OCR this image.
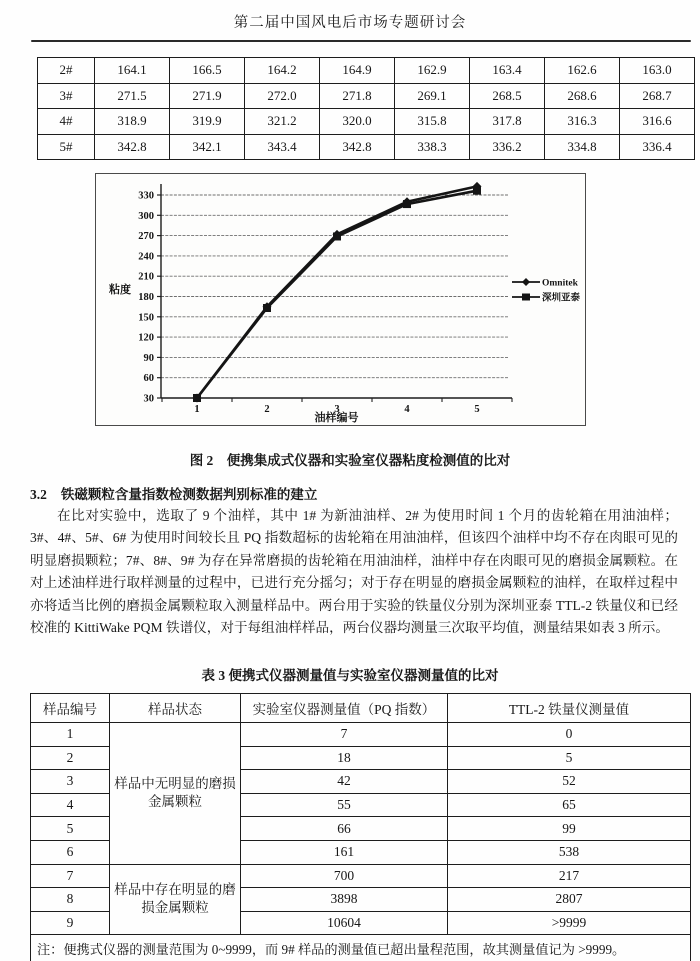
第二届中国风电后市场专题研讨会
2#	164.1	166.5	164.2	164.9	162.9	163.4	162.6	163.0
3#	271.5	271.9	272.0	271.8	269.1	268.5	268.6	268.7
4#	318.9	319.9	321.2	320.0	315.8	317.8	316.3	316.6
5#	342.8	342.1	343.4	342.8	338.3	336.2	334.8	336.4
30
60
90
120
150
180
210
240
270
300
330
1	2	3	4	5
Omnitek
深圳亚泰
粘度
油样编号
图 2　便携集成式仪器和实验室仪器粘度检测值的比对
3.2 铁磁颗粒含量指数检测数据判别标准的建立
在比对实验中，选取了 9 个油样，其中 1# 为新油油样、2# 为使用时间 1 个月的齿轮箱在用油油样；3#、4#、5#、6# 为使用时间较长且 PQ 指数超标的齿轮箱在用油油样，但该四个油样中均不存在肉眼可见的明显磨损颗粒；7#、8#、9# 为存在异常磨损的齿轮箱在用油油样，油样中存在肉眼可见的磨损金属颗粒。在对上述油样进行取样测量的过程中，已进行充分摇匀；对于存在明显的磨损金属颗粒的油样，在取样过程中亦将适当比例的磨损金属颗粒取入测量样品中。两台用于实验的铁量仪分别为深圳亚泰 TTL-2 铁量仪和已经校准的 KittiWake PQM 铁谱仪，对于每组油样样品，两台仪器均测量三次取平均值，测量结果如表 3 所示。
表 3 便携式仪器测量值与实验室仪器测量值的比对
样品编号	样品状态	实验室仪器测量值（PQ 指数）	TTL-2 铁量仪测量值
1	样品中无明显的磨损金属颗粒	7	0
2		18	5
3		42	52
4		55	65
5		66	99
6		161	538
7	样品中存在明显的磨损金属颗粒	700	217
8		3898	2807
9		10604	>9999
注：便携式仪器的测量范围为 0~9999，而 9# 样品的测量值已超出量程范围，故其测量值记为 >9999。			
